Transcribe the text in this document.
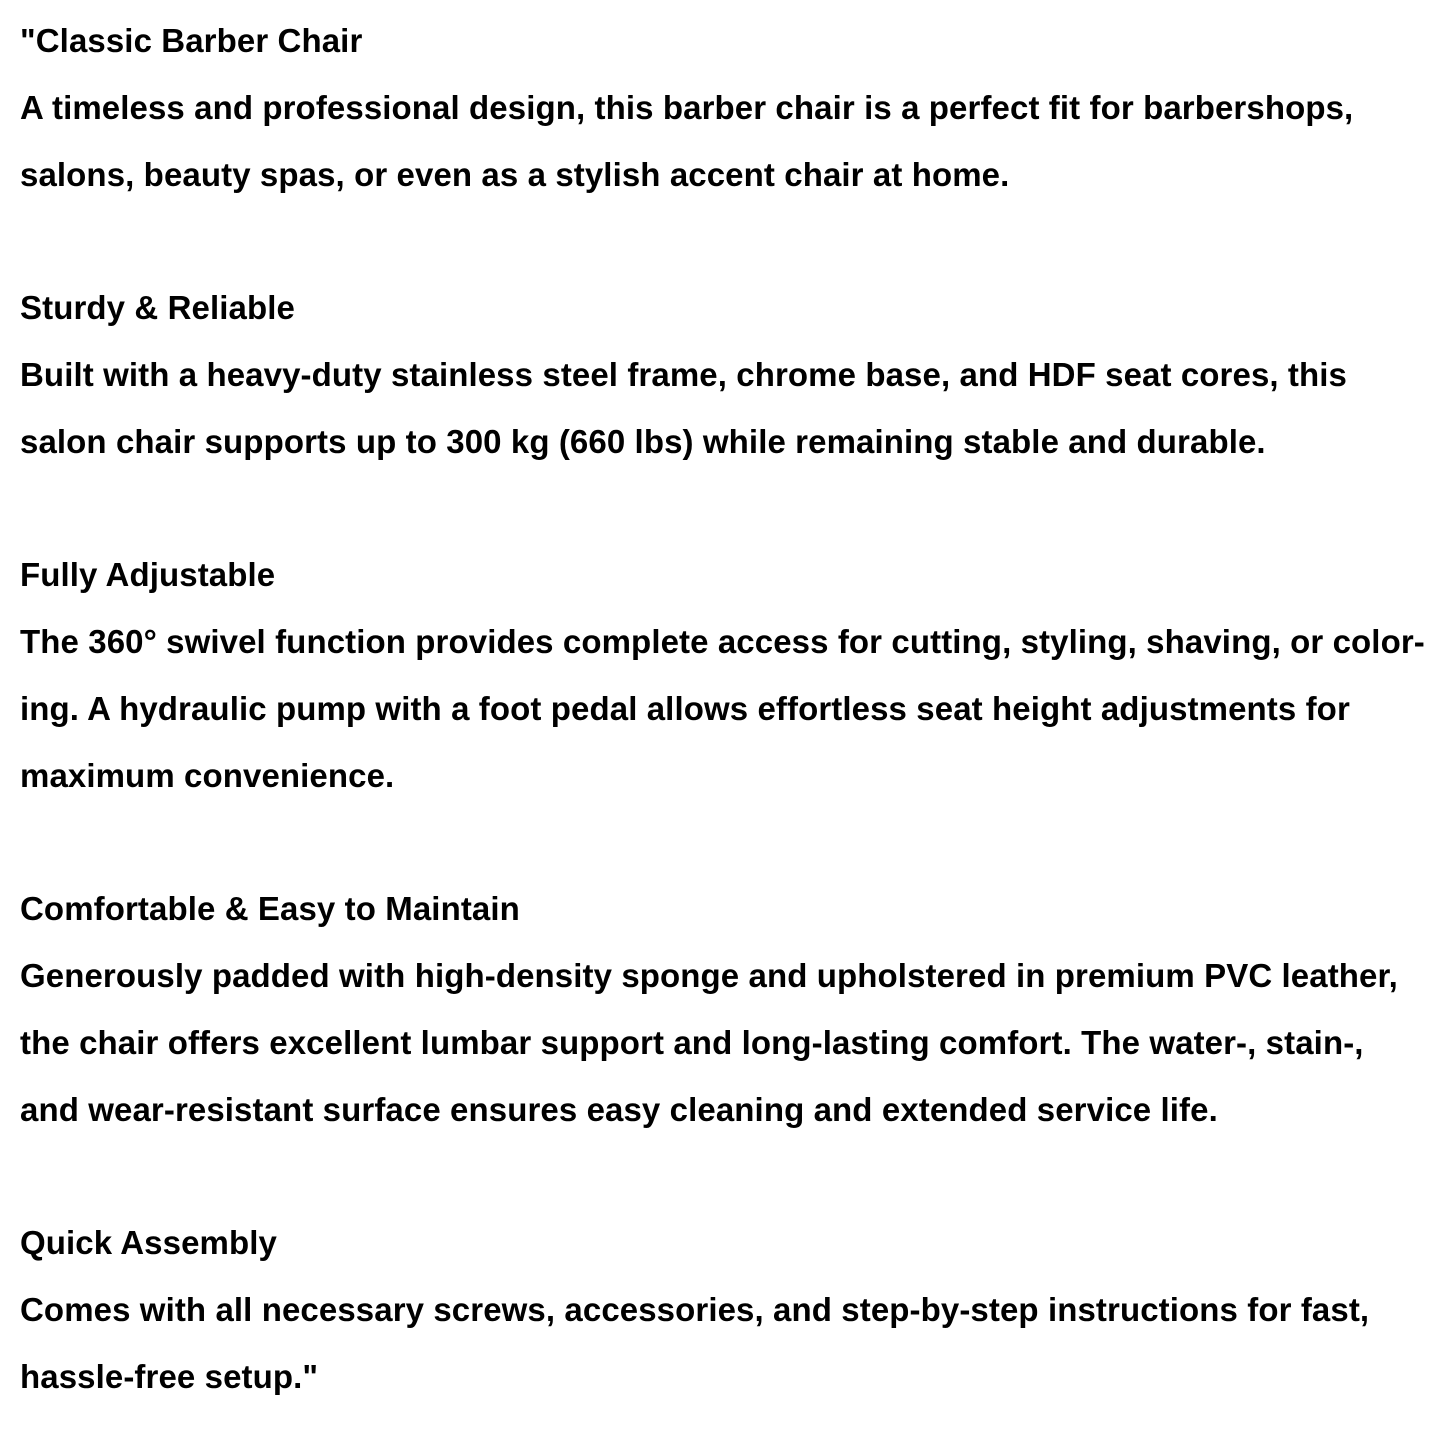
"Classic Barber Chair
A timeless and professional design, this barber chair is a perfect fit for barbershops,
salons, beauty spas, or even as a stylish accent chair at home.
Sturdy & Reliable
Built with a heavy-duty stainless steel frame, chrome base, and HDF seat cores, this
salon chair supports up to 300 kg (660 lbs) while remaining stable and durable.
Fully Adjustable
The 360° swivel function provides complete access for cutting, styling, shaving, or color-
ing. A hydraulic pump with a foot pedal allows effortless seat height adjustments for
maximum convenience.
Comfortable & Easy to Maintain
Generously padded with high-density sponge and upholstered in premium PVC leather,
the chair offers excellent lumbar support and long-lasting comfort. The water-, stain-,
and wear-resistant surface ensures easy cleaning and extended service life.
Quick Assembly
Comes with all necessary screws, accessories, and step-by-step instructions for fast,
hassle-free setup."
